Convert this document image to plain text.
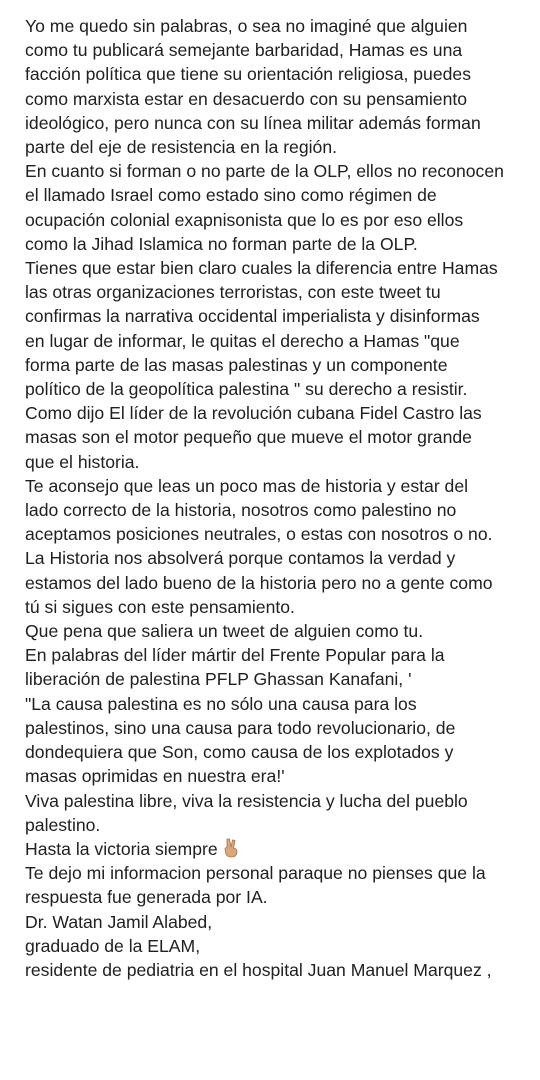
Yo me quedo sin palabras, o sea no imaginé que alguien
como tu publicará semejante barbaridad, Hamas es una
facción política que tiene su orientación religiosa, puedes
como marxista estar en desacuerdo con su pensamiento
ideológico, pero nunca con su línea militar además forman
parte del eje de resistencia en la región.
En cuanto si forman o no parte de la OLP, ellos no reconocen
el llamado Israel como estado sino como régimen de
ocupación colonial exapnisonista que lo es por eso ellos
como la Jihad Islamica no forman parte de la OLP.
Tienes que estar bien claro cuales la diferencia entre Hamas
las otras organizaciones terroristas, con este tweet tu
confirmas la narrativa occidental imperialista y disinformas
en lugar de informar, le quitas el derecho a Hamas "que
forma parte de las masas palestinas y un componente
político de la geopolítica palestina " su derecho a resistir.
Como dijo El líder de la revolución cubana Fidel Castro las
masas son el motor pequeño que mueve el motor grande
que el historia.
Te aconsejo que leas un poco mas de historia y estar del
lado correcto de la historia, nosotros como palestino no
aceptamos posiciones neutrales, o estas con nosotros o no.
La Historia nos absolverá porque contamos la verdad y
estamos del lado bueno de la historia pero no a gente como
tú si sigues con este pensamiento.
Que pena que saliera un tweet de alguien como tu.
En palabras del líder mártir del Frente Popular para la
liberación de palestina PFLP Ghassan Kanafani, '
"La causa palestina es no sólo una causa para los
palestinos, sino una causa para todo revolucionario, de
dondequiera que Son, como causa de los explotados y
masas oprimidas en nuestra era!'
Viva palestina libre, viva la resistencia y lucha del pueblo
palestino.
Hasta la victoria siempre
Te dejo mi informacion personal paraque no pienses que la
respuesta fue generada por IA.
Dr. Watan Jamil Alabed,
graduado de la ELAM,
residente de pediatria en el hospital Juan Manuel Marquez ,
